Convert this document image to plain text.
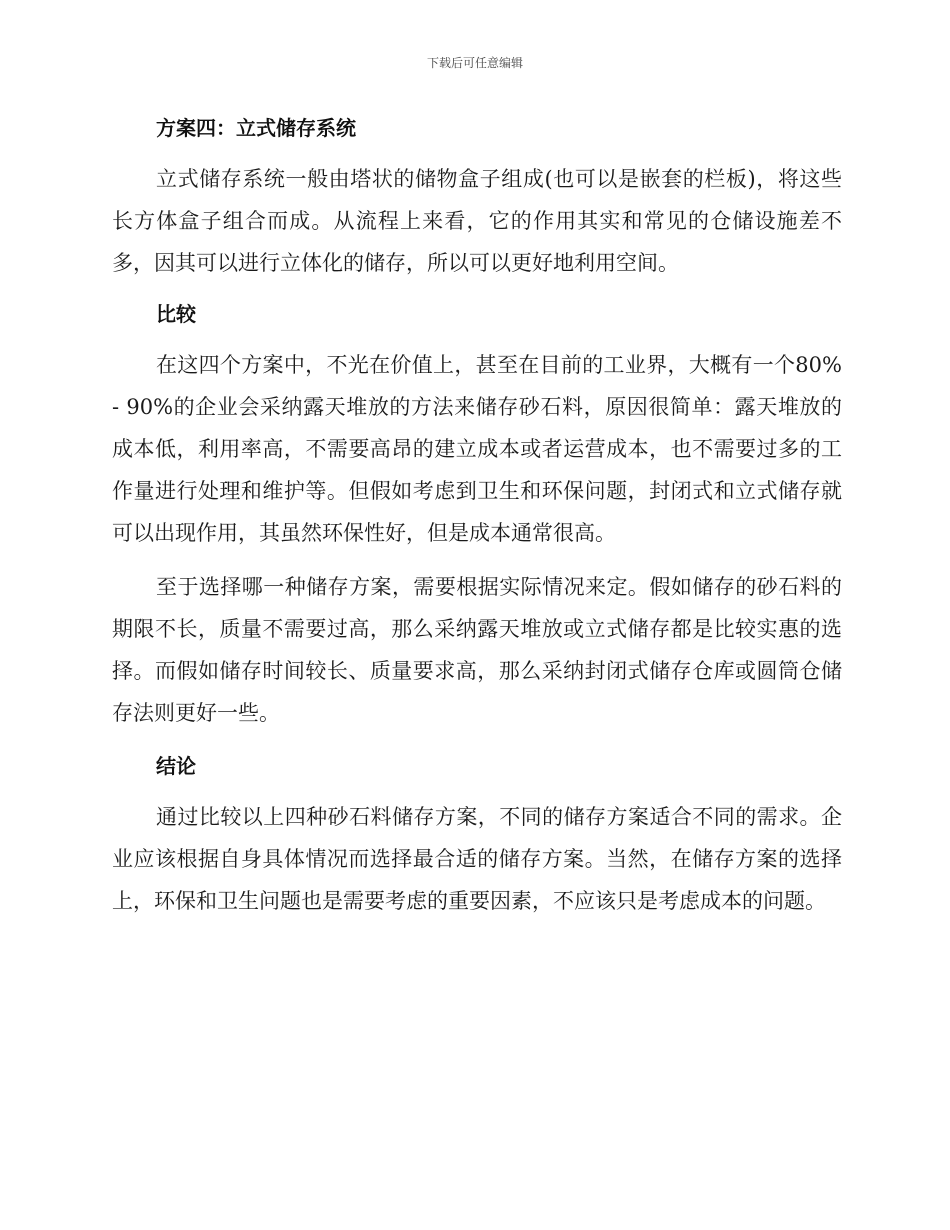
下载后可任意编辑
方案四：立式储存系统

立式储存系统一般由塔状的储物盒子组成(也可以是嵌套的栏板)，将这些长方体盒子组合而成。从流程上来看，它的作用其实和常见的仓储设施差不多，因其可以进行立体化的储存，所以可以更好地利用空间。

比较

在这四个方案中，不光在价值上，甚至在目前的工业界，大概有一个80% - 90%的企业会采纳露天堆放的方法来储存砂石料，原因很简单：露天堆放的成本低，利用率高，不需要高昂的建立成本或者运营成本，也不需要过多的工作量进行处理和维护等。但假如考虑到卫生和环保问题，封闭式和立式储存就可以出现作用，其虽然环保性好，但是成本通常很高。

至于选择哪一种储存方案，需要根据实际情况来定。假如储存的砂石料的期限不长，质量不需要过高，那么采纳露天堆放或立式储存都是比较实惠的选择。而假如储存时间较长、质量要求高，那么采纳封闭式储存仓库或圆筒仓储存法则更好一些。

结论

通过比较以上四种砂石料储存方案，不同的储存方案适合不同的需求。企业应该根据自身具体情况而选择最合适的储存方案。当然，在储存方案的选择上，环保和卫生问题也是需要考虑的重要因素，不应该只是考虑成本的问题。
